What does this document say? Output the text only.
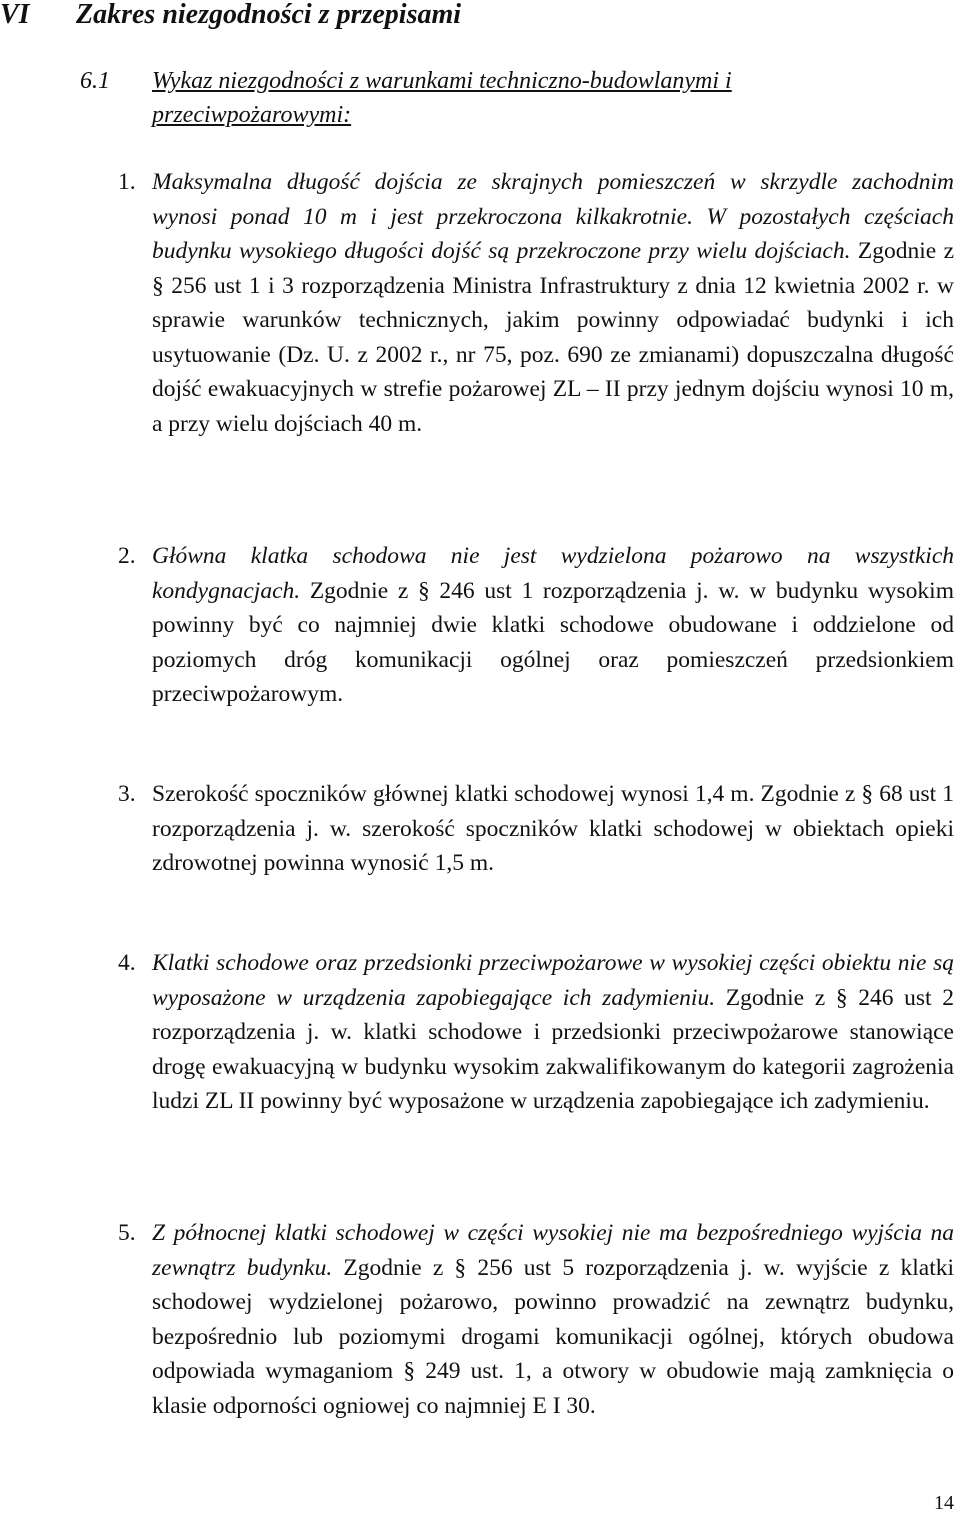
VI Zakres niezgodności z przepisami
6.1 Wykaz niezgodności z warunkami techniczno-budowlanymi i
przeciwpożarowymi:
1. Maksymalna długość dojścia ze skrajnych pomieszczeń w skrzydle zachodnim wynosi ponad 10 m i jest przekroczona kilkakrotnie. W pozostałych częściach budynku wysokiego długości dojść są przekroczone przy wielu dojściach. Zgodnie z § 256 ust 1 i 3 rozporządzenia Ministra Infrastruktury z dnia 12 kwietnia 2002 r. w sprawie warunków technicznych, jakim powinny odpowiadać budynki i ich usytuowanie (Dz. U. z 2002 r., nr 75, poz. 690 ze zmianami) dopuszczalna długość dojść ewakuacyjnych w strefie pożarowej ZL – II przy jednym dojściu wynosi 10 m, a przy wielu dojściach 40 m.
2. Główna klatka schodowa nie jest wydzielona pożarowo na wszystkich kondygnacjach. Zgodnie z § 246 ust 1 rozporządzenia j. w. w budynku wysokim powinny być co najmniej dwie klatki schodowe obudowane i oddzielone od poziomych dróg komunikacji ogólnej oraz pomieszczeń przedsionkiem przeciwpożarowym.
3. Szerokość spoczników głównej klatki schodowej wynosi 1,4 m. Zgodnie z § 68 ust 1 rozporządzenia j. w. szerokość spoczników klatki schodowej w obiektach opieki zdrowotnej powinna wynosić 1,5 m.
4. Klatki schodowe oraz przedsionki przeciwpożarowe w wysokiej części obiektu nie są wyposażone w urządzenia zapobiegające ich zadymieniu. Zgodnie z § 246 ust 2 rozporządzenia j. w. klatki schodowe i przedsionki przeciwpożarowe stanowiące drogę ewakuacyjną w budynku wysokim zakwalifikowanym do kategorii zagrożenia ludzi ZL II powinny być wyposażone w urządzenia zapobiegające ich zadymieniu.
5. Z północnej klatki schodowej w części wysokiej nie ma bezpośredniego wyjścia na zewnątrz budynku. Zgodnie z § 256 ust 5 rozporządzenia j. w. wyjście z klatki schodowej wydzielonej pożarowo, powinno prowadzić na zewnątrz budynku, bezpośrednio lub poziomymi drogami komunikacji ogólnej, których obudowa odpowiada wymaganiom § 249 ust. 1, a otwory w obudowie mają zamknięcia o klasie odporności ogniowej co najmniej E I 30.
14
